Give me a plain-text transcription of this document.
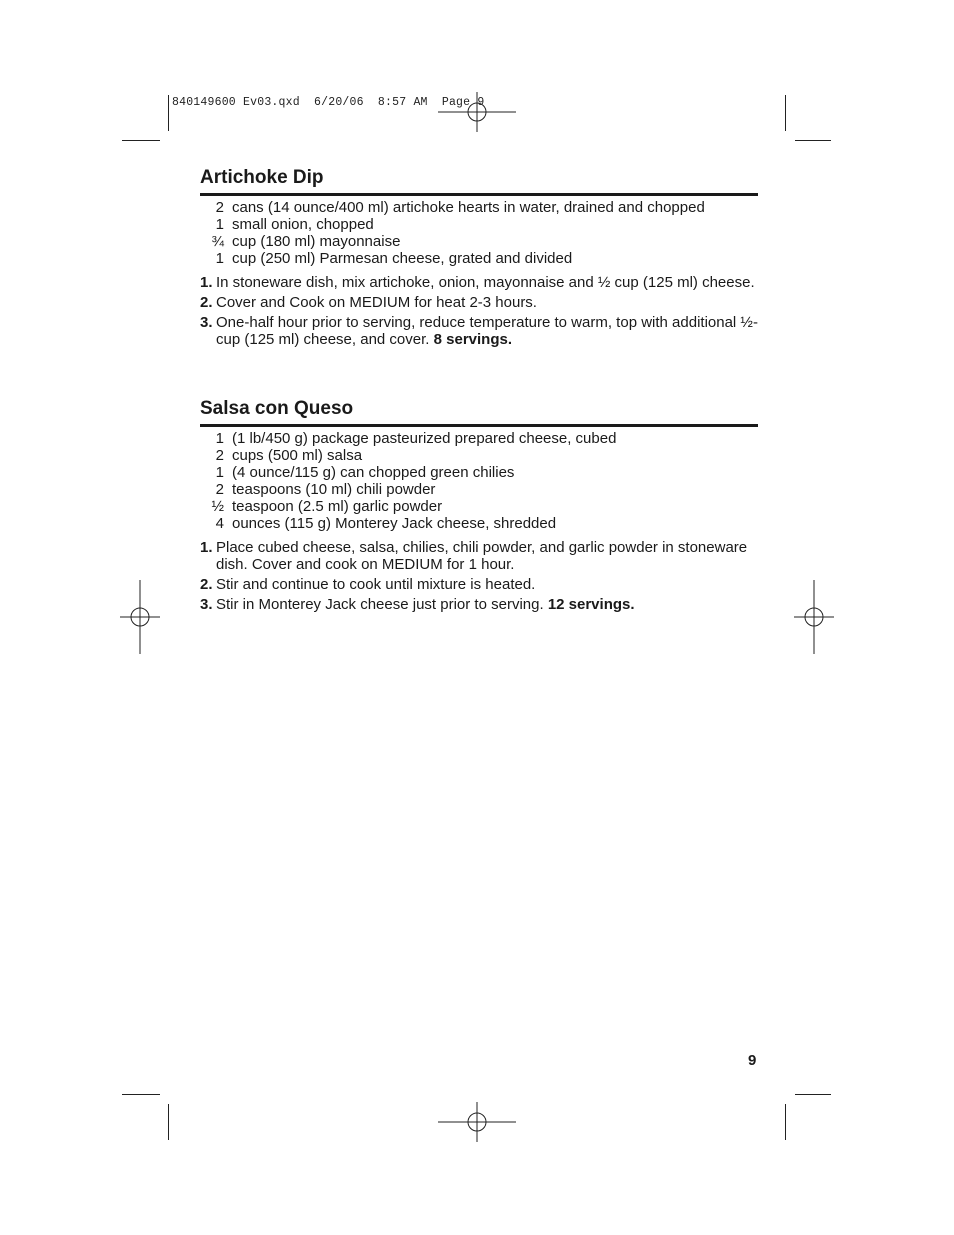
840149600 Ev03.qxd  6/20/06  8:57 AM  Page 9
Artichoke Dip
2 cans (14 ounce/400 ml) artichoke hearts in water, drained and chopped
1 small onion, chopped
¾ cup (180 ml) mayonnaise
1 cup (250 ml) Parmesan cheese, grated and divided
1. In stoneware dish, mix artichoke, onion, mayonnaise and ½ cup (125 ml) cheese.
2. Cover and Cook on MEDIUM for heat 2-3 hours.
3. One-half hour prior to serving, reduce temperature to warm, top with additional ½-cup (125 ml) cheese, and cover. 8 servings.
Salsa con Queso
1 (1 lb/450 g) package pasteurized prepared cheese, cubed
2 cups (500 ml) salsa
1 (4 ounce/115 g) can chopped green chilies
2 teaspoons (10 ml) chili powder
½ teaspoon (2.5 ml) garlic powder
4 ounces (115 g) Monterey Jack cheese, shredded
1. Place cubed cheese, salsa, chilies, chili powder, and garlic powder in stoneware dish. Cover and cook on MEDIUM for 1 hour.
2. Stir and continue to cook until mixture is heated.
3. Stir in Monterey Jack cheese just prior to serving. 12 servings.
9
